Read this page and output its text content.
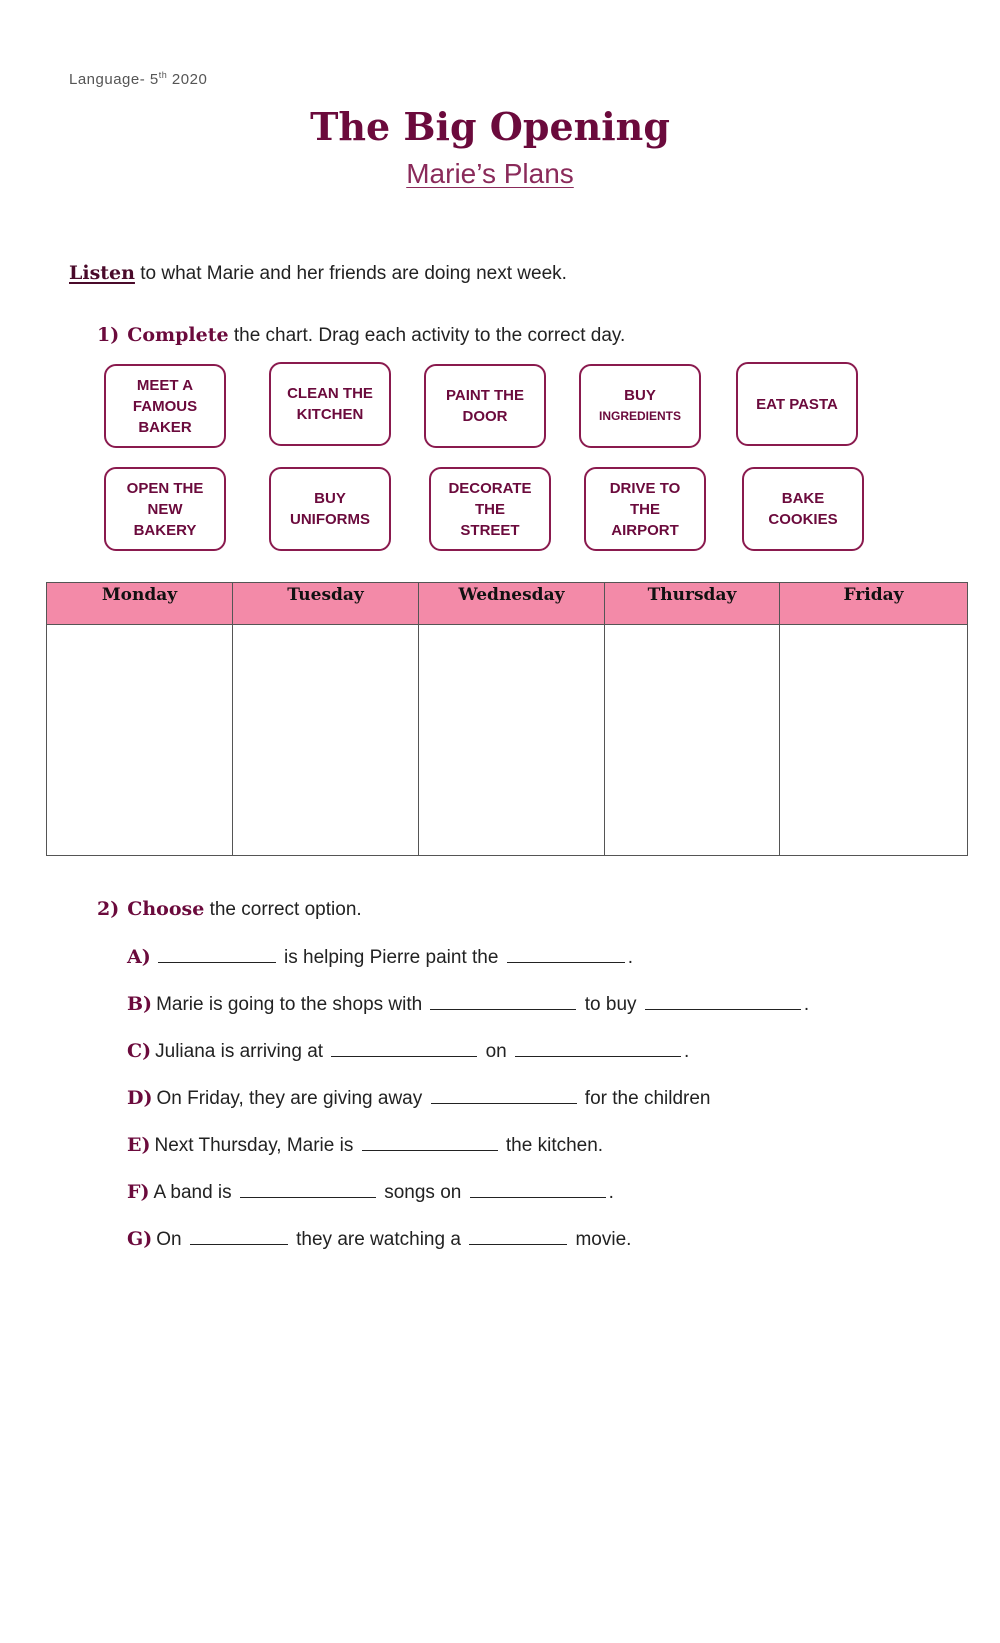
Language- 5th 2020
The Big Opening
Marie’s Plans
Listen to what Marie and her friends are doing next week.
1) Complete the chart. Drag each activity to the correct day.
MEET A
FAMOUS
BAKER
CLEAN THE
KITCHEN
PAINT THE
DOOR
BUY
INGREDIENTS
EAT PASTA
OPEN THE
NEW
BAKERY
BUY
UNIFORMS
DECORATE
THE
STREET
DRIVE TO
THE
AIRPORT
BAKE
COOKIES
Monday	Tuesday	Wednesday	Thursday	Friday

2) Choose the correct option.
A)	is helping Pierre paint the	.
B) Marie is going to the shops with	to buy	.
C) Juliana is arriving at	on	.
D) On Friday, they are giving away	for the children
E) Next Thursday, Marie is	the kitchen.
F) A band is	songs on	.
G) On	they are watching a	movie.
